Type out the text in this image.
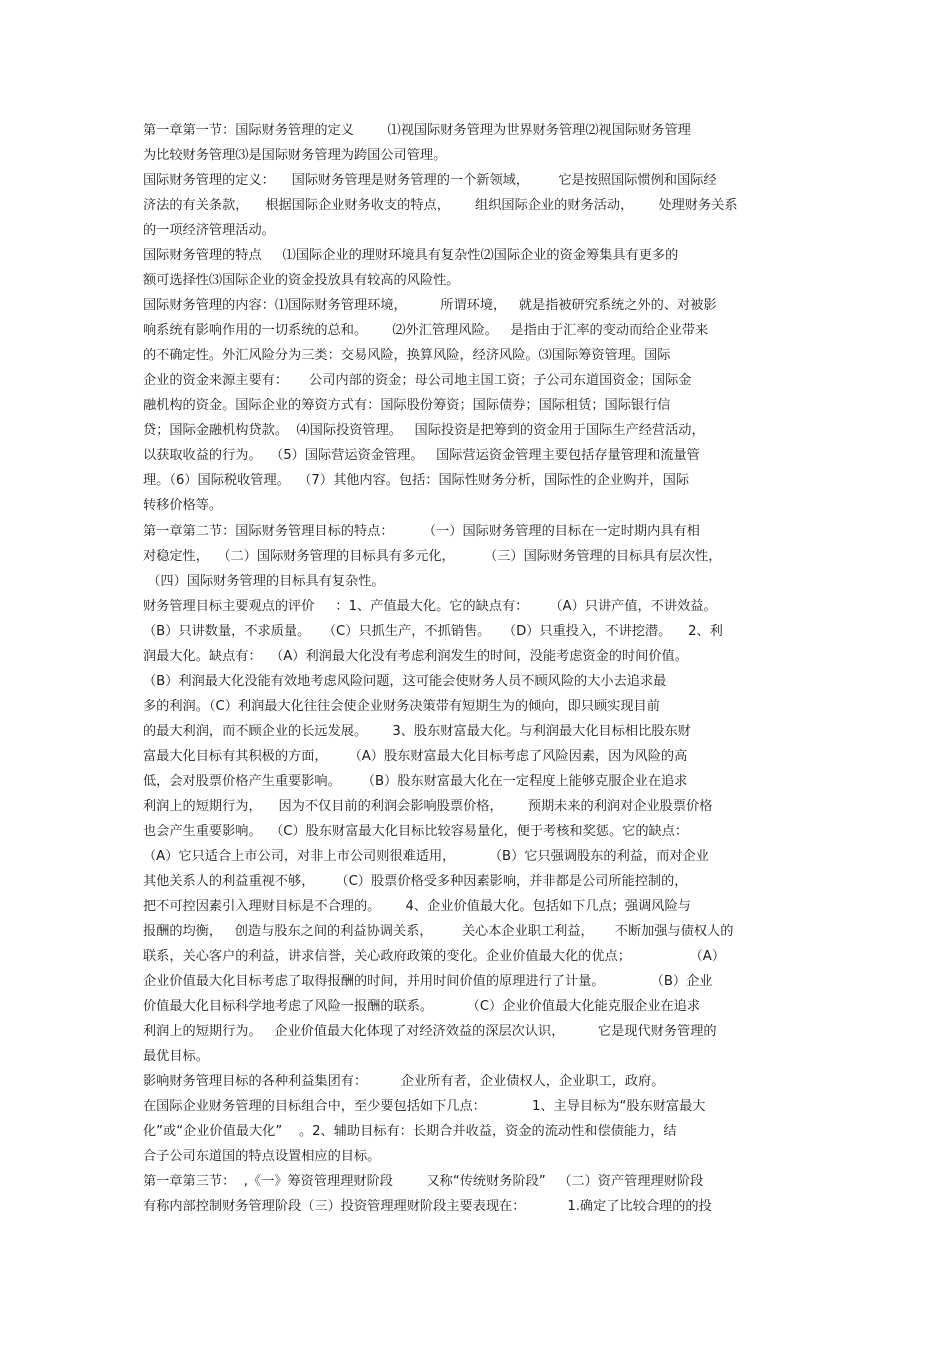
第一章第一节：国际财务管理的定义        ⑴视国际财务管理为世界财务管理⑵视国际财务管理
为比较财务管理⑶是国际财务管理为跨国公司管理。
国际财务管理的定义：    国际财务管理是财务管理的一个新领域，       它是按照国际惯例和国际经
济法的有关条款，    根据国际企业财务收支的特点，      组织国际企业的财务活动，      处理财务关系
的一项经济管理活动。
国际财务管理的特点     ⑴国际企业的理财环境具有复杂性⑵国际企业的资金筹集具有更多的
额可选择性⑶国际企业的资金投放具有较高的风险性。
国际财务管理的内容：⑴国际财务管理环境，        所谓环境，   就是指被研究系统之外的、对被影
响系统有影响作用的一切系统的总和。      ⑵外汇管理风险。   是指由于汇率的变动而给企业带来
的不确定性。外汇风险分为三类：交易风险，换算风险，经济风险。⑶国际筹资管理。国际
企业的资金来源主要有：     公司内部的资金；母公司地主国工资；子公司东道国资金；国际金
融机构的资金。国际企业的筹资方式有：国际股份筹资；国际债券；国际租赁；国际银行信
贷；国际金融机构贷款。  ⑷国际投资管理。   国际投资是把筹到的资金用于国际生产经营活动，
以获取收益的行为。  （5）国际营运资金管理。   国际营运资金管理主要包括存量管理和流量管
理。（6）国际税收管理。  （7）其他内容。包括：国际性财务分析，国际性的企业购并，国际
转移价格等。
第一章第二节：国际财务管理目标的特点：       （一）国际财务管理的目标在一定时期内具有相
对稳定性，  （二）国际财务管理的目标具有多元化，       （三）国际财务管理的目标具有层次性，
（四）国际财务管理的目标具有复杂性。
财务管理目标主要观点的评价     ：1、产值最大化。它的缺点有：     （A）只讲产值，不讲效益。
（B）只讲数量，不求质量。   （C）只抓生产，不抓销售。   （D）只重投入，不讲挖潜。    2、利
润最大化。缺点有：  （A）利润最大化没有考虑利润发生的时间，没能考虑资金的时间价值。
（B）利润最大化没能有效地考虑风险问题，这可能会使财务人员不顾风险的大小去追求最
多的利润。（C）利润最大化往往会使企业财务决策带有短期生为的倾向，即只顾实现目前
的最大利润，而不顾企业的长远发展。      3、股东财富最大化。与利润最大化目标相比股东财
富最大化目标有其积极的方面，     （A）股东财富最大化目标考虑了风险因素，因为风险的高
低，会对股票价格产生重要影响。     （B）股东财富最大化在一定程度上能够克服企业在追求
利润上的短期行为，    因为不仅目前的利润会影响股票价格，      预期未来的利润对企业股票价格
也会产生重要影响。  （C）股东财富最大化目标比较容易量化，便于考核和奖惩。它的缺点：
（A）它只适合上市公司，对非上市公司则很难适用，        （B）它只强调股东的利益，而对企业
其他关系人的利益重视不够，     （C）股票价格受多种因素影响，并非都是公司所能控制的，
把不可控因素引入理财目标是不合理的。      4、企业价值最大化。包括如下几点；强调风险与
报酬的均衡，   创造与股东之间的利益协调关系，       关心本企业职工利益，     不断加强与债权人的
联系，关心客户的利益，讲求信誉，关心政府政策的变化。企业价值最大化的优点；              （A）
企业价值最大化目标考虑了取得报酬的时间，并用时间价值的原理进行了计量。           （B）企业
价值最大化目标科学地考虑了风险一报酬的联系。        （C）企业价值最大化能克服企业在追求
利润上的短期行为。   企业价值最大化体现了对经济效益的深层次认识，        它是现代财务管理的
最优目标。
影响财务管理目标的各种利益集团有：        企业所有者，企业债权人，企业职工，政府。
在国际企业财务管理的目标组合中，至少要包括如下几点：           1、主导目标为“股东财富最大
化”或“企业价值最大化”    。2、辅助目标有：长期合并收益，资金的流动性和偿债能力，结
合子公司东道国的特点设置相应的目标。
第一章第三节：  ,《一》筹资管理理财阶段        又称“传统财务阶段”   （二）资产管理理财阶段
有称内部控制财务管理阶段（三）投资管理理财阶段主要表现在：          1.确定了比较合理的的投
